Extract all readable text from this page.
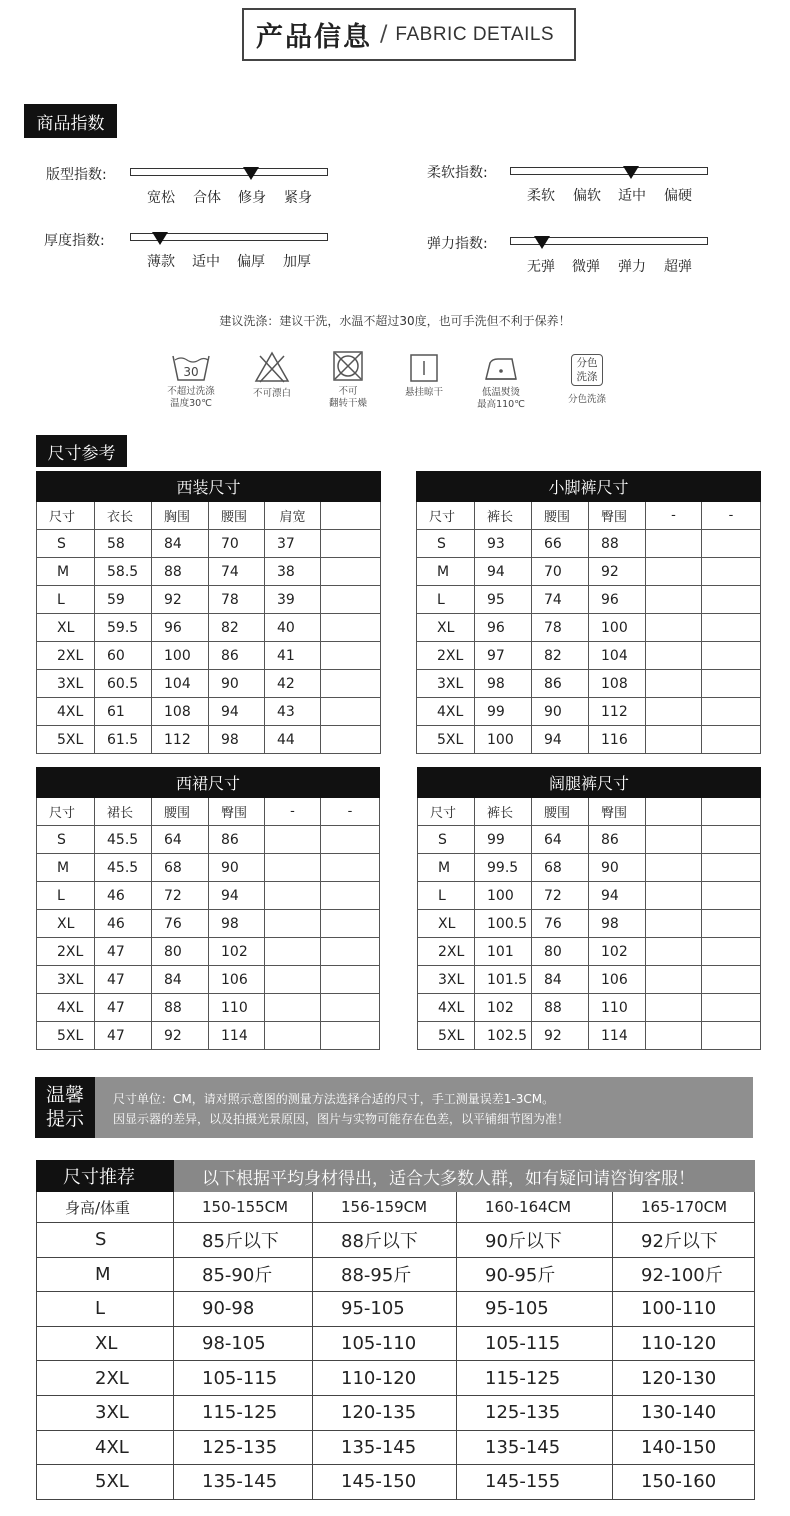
产品信息 / FABRIC DETAILS
商品指数
版型指数:
宽松	合体	修身	紧身
柔软指数:
柔软	偏软	适中	偏硬
厚度指数:
薄款	适中	偏厚	加厚
弹力指数:
无弹	微弹	弹力	超弹
建议洗涤：建议干洗，水温不超过30度，也可手洗但不利于保养！
30
不超过洗涤
温度30℃
不可漂白	不可
翻转干燥
悬挂晾干	低温熨烫
最高110℃
分色
洗涤
分色洗涤
尺寸参考
西装尺寸					
尺寸	衣长	胸围	腰围	肩宽	
S	58	84	70	37	
M	58.5	88	74	38	
L	59	92	78	39	
XL	59.5	96	82	40	
2XL	60	100	86	41	
3XL	60.5	104	90	42	
4XL	61	108	94	43	
5XL	61.5	112	98	44	
小脚裤尺寸					
尺寸	裤长	腰围	臀围	-	-
S	93	66	88		
M	94	70	92		
L	95	74	96		
XL	96	78	100		
2XL	97	82	104		
3XL	98	86	108		
4XL	99	90	112		
5XL	100	94	116		
西裙尺寸					
尺寸	裙长	腰围	臀围	-	-
S	45.5	64	86		
M	45.5	68	90		
L	46	72	94		
XL	46	76	98		
2XL	47	80	102		
3XL	47	84	106		
4XL	47	88	110		
5XL	47	92	114		
阔腿裤尺寸					
尺寸	裤长	腰围	臀围		
S	99	64	86		
M	99.5	68	90		
L	100	72	94		
XL	100.5	76	98		
2XL	101	80	102		
3XL	101.5	84	106		
4XL	102	88	110		
5XL	102.5	92	114		
温馨
提示
尺寸单位：CM，请对照示意图的测量方法选择合适的尺寸，手工测量误差1-3CM。
因显示器的差异，以及拍摄光景原因，图片与实物可能存在色差，以平铺细节图为准！
尺寸推荐	以下根据平均身材得出，适合大多数人群，如有疑问请咨询客服！			
身高/体重	150-155CM	156-159CM	160-164CM	165-170CM
S	85斤以下	88斤以下	90斤以下	92斤以下
M	85-90斤	88-95斤	90-95斤	92-100斤
L	90-98	95-105	95-105	100-110
XL	98-105	105-110	105-115	110-120
2XL	105-115	110-120	115-125	120-130
3XL	115-125	120-135	125-135	130-140
4XL	125-135	135-145	135-145	140-150
5XL	135-145	145-150	145-155	150-160
